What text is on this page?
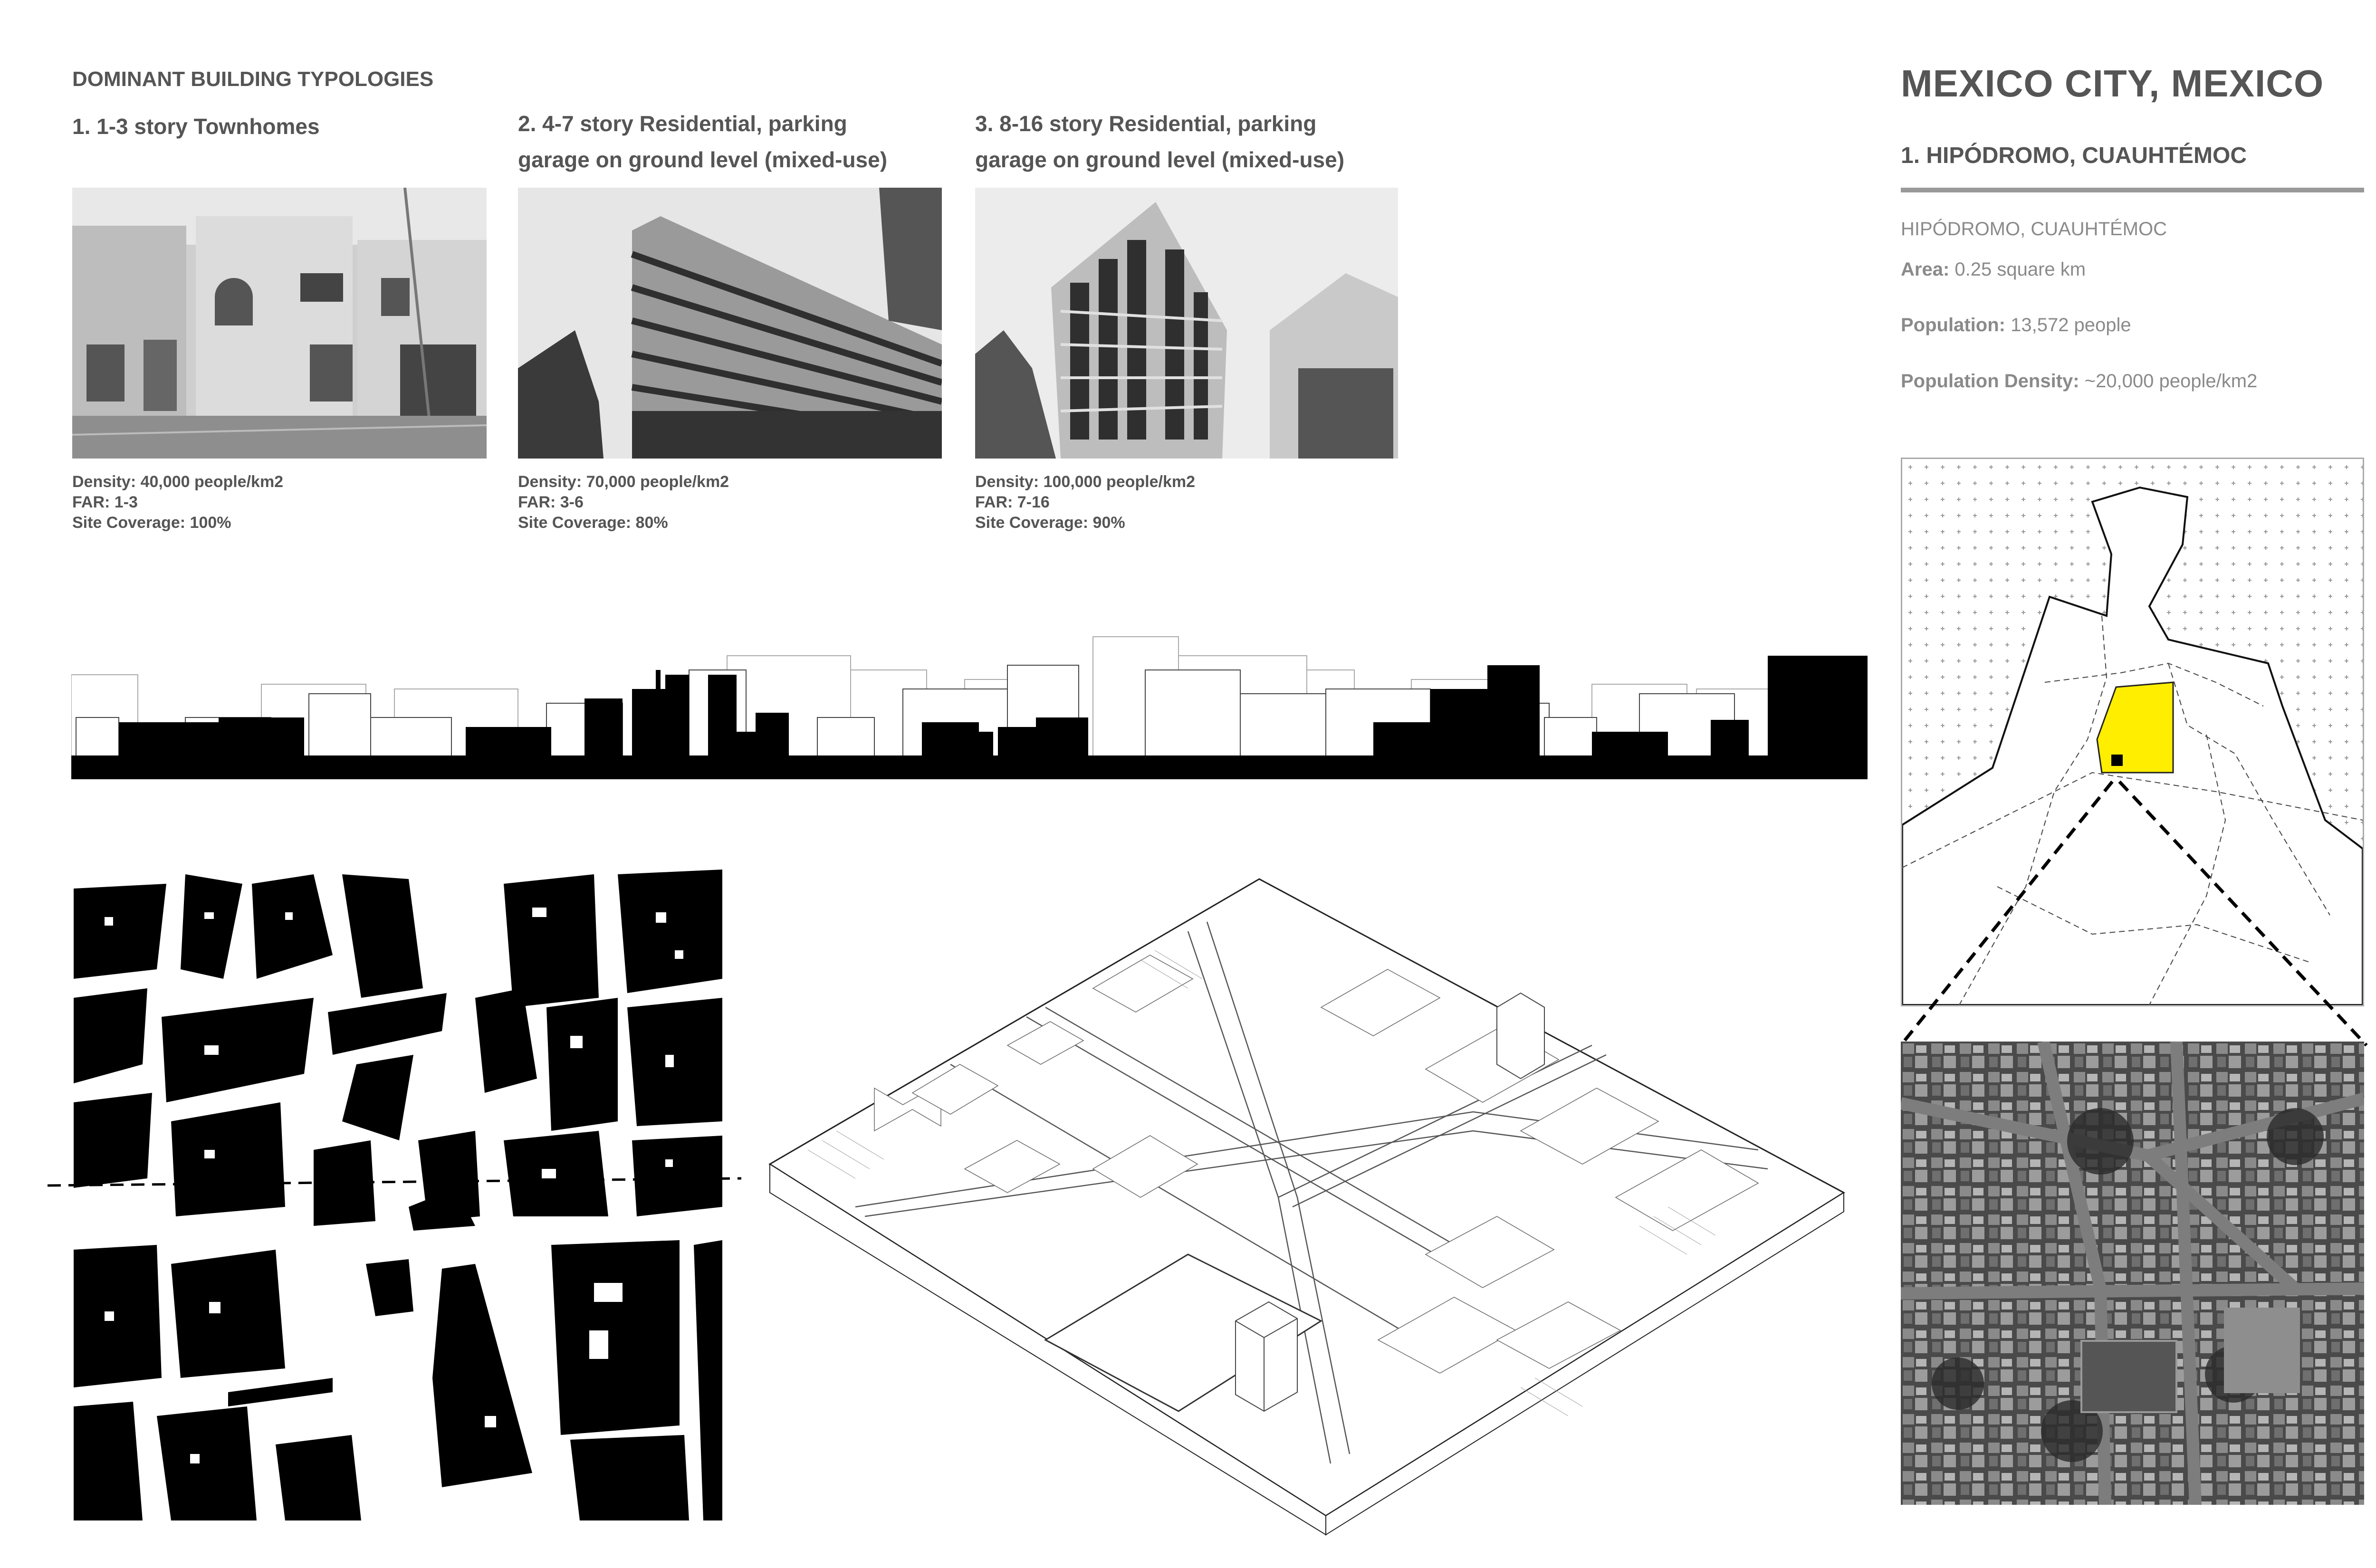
DOMINANT BUILDING TYPOLOGIES
1. 1-3 story Townhomes
Density: 40,000 people/km2
FAR: 1-3
Site Coverage: 100%
2. 4-7 story Residential, parking
garage on ground level (mixed-use)
Density: 70,000 people/km2
FAR: 3-6
Site Coverage: 80%
3. 8-16 story Residential, parking
garage on ground level (mixed-use)
Density: 100,000 people/km2
FAR: 7-16
Site Coverage: 90%
MEXICO CITY, MEXICO
1. HIPÓDROMO, CUAUHTÉMOC
HIPÓDROMO, CUAUHTÉMOC
Area: 0.25 square km
Population: 13,572 people
Population Density: ~20,000 people/km2
